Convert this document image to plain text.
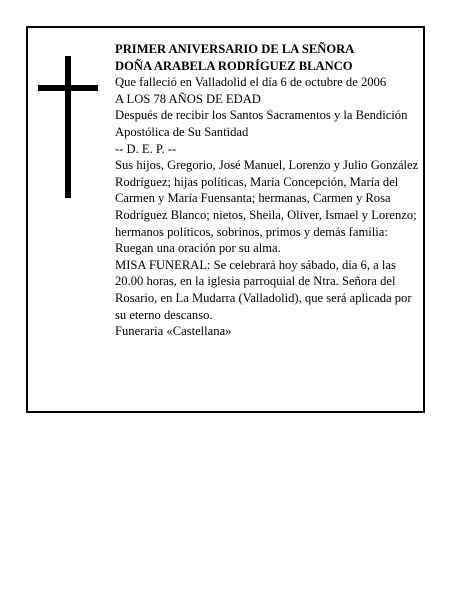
PRIMER ANIVERSARIO DE LA SEÑORA

DOÑA ARABELA RODRÍGUEZ BLANCO

Que falleció en Valladolid el día 6 de octubre de 2006

A LOS 78 AÑOS DE EDAD

Después de recibir los Santos Sacramentos y la Bendición Apostólica de Su Santidad

-- D. E. P. --

Sus hijos, Gregorio, José Manuel, Lorenzo y Julio González Rodríguez; hijas políticas, María Concepción, María del Carmen y María Fuensanta; hermanas, Carmen y Rosa Rodríguez Blanco; nietos, Sheila, Oliver, Ismael y Lorenzo; hermanos políticos, sobrinos, primos y demás familia:

Ruegan una oración por su alma.

MISA FUNERAL: Se celebrará hoy sábado, día 6, a las 20.00 horas, en la iglesia parroquial de Ntra. Señora del Rosario, en La Mudarra (Valladolid), que será aplicada por su eterno descanso.

Funeraria «Castellana»
